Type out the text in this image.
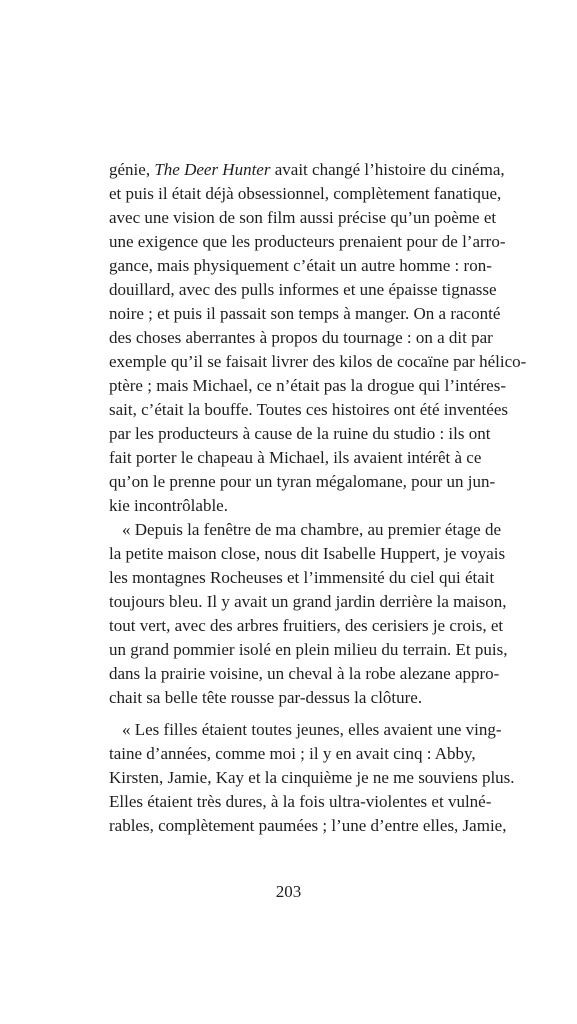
génie, The Deer Hunter avait changé l’histoire du cinéma,
et puis il était déjà obsessionnel, complètement fanatique,
avec une vision de son film aussi précise qu’un poème et
une exigence que les producteurs prenaient pour de l’arro-
gance, mais physiquement c’était un autre homme : ron-
douillard, avec des pulls informes et une épaisse tignasse
noire ; et puis il passait son temps à manger. On a raconté
des choses aberrantes à propos du tournage : on a dit par
exemple qu’il se faisait livrer des kilos de cocaïne par hélico-
ptère ; mais Michael, ce n’était pas la drogue qui l’intéres-
sait, c’était la bouffe. Toutes ces histoires ont été inventées
par les producteurs à cause de la ruine du studio : ils ont
fait porter le chapeau à Michael, ils avaient intérêt à ce
qu’on le prenne pour un tyran mégalomane, pour un jun-
kie incontrôlable.
« Depuis la fenêtre de ma chambre, au premier étage de
la petite maison close, nous dit Isabelle Huppert, je voyais
les montagnes Rocheuses et l’immensité du ciel qui était
toujours bleu. Il y avait un grand jardin derrière la maison,
tout vert, avec des arbres fruitiers, des cerisiers je crois, et
un grand pommier isolé en plein milieu du terrain. Et puis,
dans la prairie voisine, un cheval à la robe alezane appro-
chait sa belle tête rousse par-dessus la clôture.
« Les filles étaient toutes jeunes, elles avaient une ving-
taine d’années, comme moi ; il y en avait cinq : Abby,
Kirsten, Jamie, Kay et la cinquième je ne me souviens plus.
Elles étaient très dures, à la fois ultra-violentes et vulné-
rables, complètement paumées ; l’une d’entre elles, Jamie,
203
